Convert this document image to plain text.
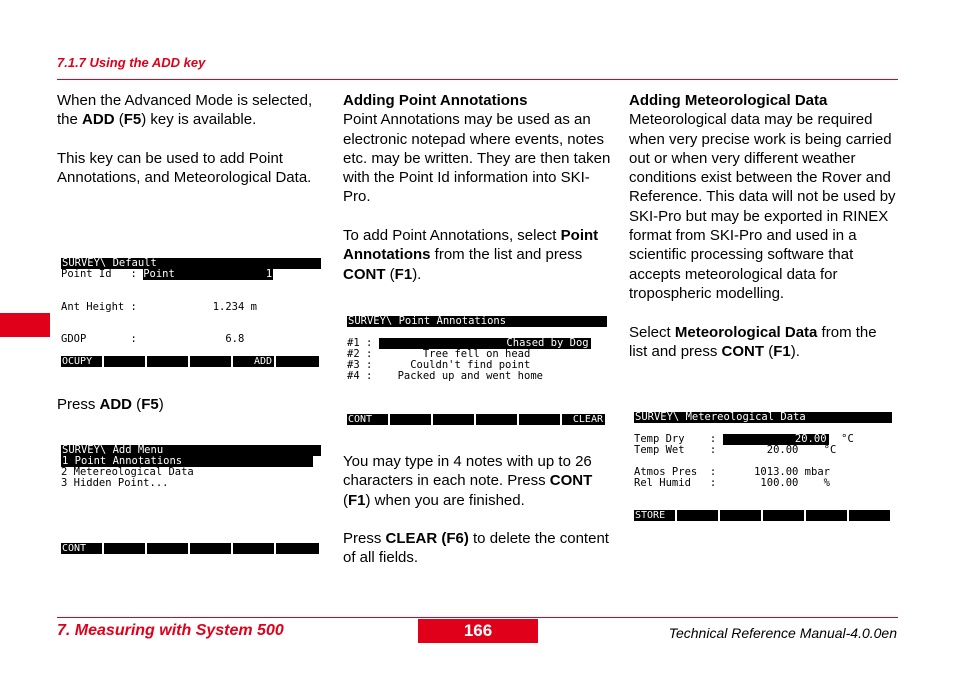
7.1.7 Using the ADD key

When the Advanced Mode is selected, the ADD (F5) key is available.

This key can be used to add Point Annotations, and Meteorological Data.

SURVEY\ Default
Point Id   : Point	1
Ant Height :            1.234 m
GDOP       :              6.8
OCUPY	ADD
Press ADD (F5)
SURVEY\ Add Menu
1 Point Annotations
2 Metereological Data
3 Hidden Point...
CONT
Adding Point Annotations

Point Annotations may be used as an electronic notepad where events, notes etc. may be written. They are then taken with the Point Id information into SKI-Pro.

To add Point Annotations, select Point Annotations from the list and press CONT (F1).

SURVEY\ Point Annotations
#1 :	Chased by Dog
#2 :        Tree fell on head
#3 :      Couldn't find point
#4 :    Packed up and went home
CONT	CLEAR
You may type in 4 notes with up to 26 characters in each note. Press CONT (F1) when you are finished.
Press CLEAR (F6) to delete the content of all fields.
Adding Meteorological Data

Meteorological data may be required when very precise work is being carried out or when very different weather conditions exist between the Rover and Reference. This data will not be used by SKI-Pro but may be exported in RINEX format from SKI-Pro and used in a scientific processing software that accepts meteorological data for tropospheric modelling.

Select Meteorological Data from the list and press CONT (F1).

SURVEY\ Metereological Data
Temp Dry    :	20.00 °C
Temp Wet    :        20.00    °C
Atmos Pres  :      1013.00 mbar
Rel Humid   :       100.00    %
STORE
7. Measuring with System 500	166	Technical Reference Manual-4.0.0en
